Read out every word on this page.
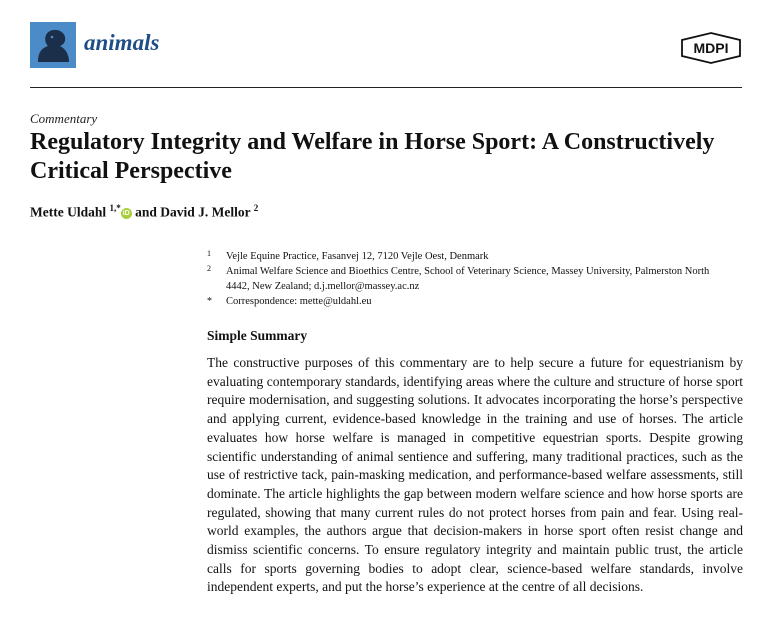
animals	MDPI
Commentary
Regulatory Integrity and Welfare in Horse Sport: A Constructively Critical Perspective
Mette Uldahl $^{1,*}$ iD and David J. Mellor $^2$
1 Vejle Equine Practice, Fasanvej 12, 7120 Vejle Oest, Denmark
2 Animal Welfare Science and Bioethics Centre, School of Veterinary Science, Massey University, Palmerston North 4442, New Zealand; d.j.mellor@massey.ac.nz
* Correspondence: mette@uldahl.eu
Simple Summary

The constructive purposes of this commentary are to help secure a future for equestrianism by evaluating contemporary standards, identifying areas where the culture and structure of horse sport require modernisation, and suggesting solutions. It advocates incorporating the horse’s perspective and applying current, evidence-based knowledge in the training and use of horses. The article evaluates how horse welfare is managed in competitive equestrian sports. Despite growing scientific understanding of animal sentience and suffering, many traditional practices, such as the use of restrictive tack, pain-masking medication, and performance-based welfare assessments, still dominate. The article highlights the gap between modern welfare science and how horse sports are regulated, showing that many current rules do not protect horses from pain and fear. Using real-world examples, the authors argue that decision-makers in horse sport often resist change and dismiss scientific concerns. To ensure regulatory integrity and maintain public trust, the article calls for sports governing bodies to adopt clear, science-based welfare standards, involve independent experts, and put the horse’s experience at the centre of all decisions.
